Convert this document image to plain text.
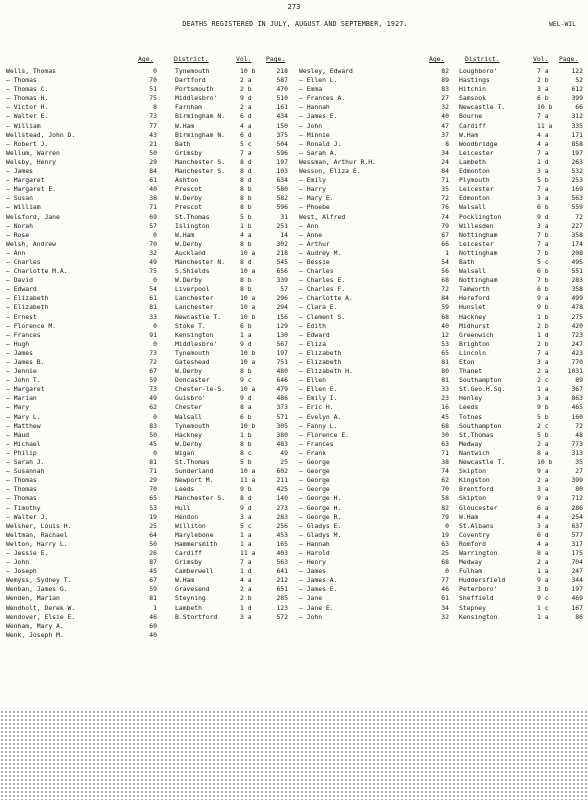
273
DEATHS REGISTERED IN JULY, AUGUST AND SEPTEMBER, 1927.	WEL-WIL
Age.	District.	Vol. Page.
Wells, Thomas	0	Tynemouth	10 b	218
— Thomas	70	Dartford	2 a	587
— Thomas C.	51	Portsmouth	2 b	470
— Thomas H.	75	Middlesbro'	9 d	510
— Victor H.	8	Farnham	2 a	161
— Walter E.	73	Birmingham N.	6 d	434
— William	77	W.Ham	4 a	150
Wellstead, John D.	43	Birmingham N.	6 d	375
— Robert J.	21	Bath	5 c	504
Wellum, Warren	50	Grimsby	7 a	596
Welsby, Henry	29	Manchester S.	8 d	197
— James	84	Manchester S.	8 d	103
— Margaret	61	Ashton	8 d	634
— Margaret E.	40	Prescot	8 b	580
— Susan	38	W.Derby	8 b	582
— William	71	Prescot	8 b	596
Welsford, Jane	69	St.Thomas	5 b	31
— Norah	57	Islington	1 b	251
— Rose	0	W.Ham	4 a	14
Welsh, Andrew	70	W.Derby	8 b	302
— Ann	32	Auckland	10 a	218
— Charles	49	Manchester N.	8 d	545
— Charlotte M.A.	75	S.Shields	10 a	656
— David	0	W.Derby	8 b	339
— Edward	54	Liverpool	8 b	57
— Elizabeth	61	Lanchester	10 a	296
— Elizabeth	81	Lanchester	10 a	294
— Ernest	33	Newcastle T.	10 b	156
— Florence M.	0	Stoke T.	6 b	129
— Frances	91	Kensington	1 a	130
— Hugh	0	Middlesbro'	9 d	567
— James	73	Tynemouth	10 b	197
— James B.	72	Gateshead	10 a	751
— Jennie	67	W.Derby	8 b	480
— John T.	59	Doncaster	9 c	646
— Margaret	73	Chester-le-S.	10 a	479
— Marian	49	Guisbro'	9 d	486
— Mary	62	Chester	8 a	373
— Mary L.	0	Walsall	6 b	571
— Matthew	83	Tynemouth	10 b	305
— Maud	50	Hackney	1 b	380
— Michael	45	W.Derby	8 b	483
— Philip	0	Wigan	8 c	49
— Sarah J.	81	St.Thomas	5 b	25
— Susannah	71	Sunderland	10 a	602
— Thomas	29	Newport M.	11 a	211
— Thomas	70	Leeds	9 b	425
— Thomas	65	Manchester S.	8 d	140
— Timothy	53	Hull	9 d	273
— Walter J.	19	Hendon	3 a	283
Welsher, Louis H.	25	Williton	5 c	256
Weltman, Rachael	64	Marylebone	1 a	453
Welton, Harry L.	50	Hammersmith	1 a	165
— Jessie E.	26	Cardiff	11 a	403
— John	87	Grimsby	7 a	563
— Joseph	45	Camberwell	1 d	641
Wemyss, Sydney T.	67	W.Ham	4 a	212
Wenban, James G.	59	Gravesend	2 a	651
Wenden, Marian	81	Steyning	2 b	285
Wendholt, Derek W.	1	Lambeth	1 d	123
Wendover, Elsie E.	46	B.Stortford	3 a	572
Wenham, Mary A.	60
Wenk, Joseph M.	40
Age.	District.	Vol. Page.
Wesley, Edward	82 Loughboro'	7 a	122
— Ellen L.	89 Hastings	2 b	52
— Emma	83 Hitchin	3 a	612
— Frances A.	27 Samsook	6 b	399
— Hannah	32 Newcastle T.	10 b	66
— James E.	40 Bourne	7 a	312
— John	47 Cardiff	11 a	335
— Minnie	37 W.Ham	4 a	171
— Ronald J.	8 Woodbridge	4 a	858
— Sarah A.	34 Leicester	7 a	197
Wessman, Arthur R.H.	24 Lambeth	1 d	263
Wesson, Eliza E.	84 Edmonton	3 a	532
— Emily	71 Plymouth	5 b	253
— Harry	35 Leicester	7 a	169
— Mary E.	72 Edmonton	3 a	563
— Phoebe	76 Walsall	6 b	559
West, Alfred	74 Pocklington	9 d	72
— Ann	79 Willesden	3 a	227
— Anne	67 Nottingham	7 b	358
— Arthur	66 Leicester	7 a	174
— Audrey M.	1 Nottingham	7 b	208
— Bessie	54 Bath	5 c	495
— Charles	56 Walsall	6 b	551
— Charles E.	68 Nottingham	7 b	283
— Charles F.	72 Tamworth	6 b	358
— Charlotte A.	84 Hereford	9 a	499
— Clara E.	59 Hunslet	9 b	478
— Clement S.	68 Hackney	1 b	275
— Edith	40 Midhurst	2 b	420
— Edward	12 Greenwich	1 d	723
— Eliza	53 Brighton	2 b	247
— Elizabeth	65 Lincoln	7 a	423
— Elizabeth	81 Eton	3 a	770
— Elizabeth H.	80 Thanet	2 a	1031
— Ellen	81 Southampton	2 c	89
— Ellen E.	33 St.Geo.H.Sq.	1 a	367
— Emily I.	23 Henley	3 a	863
— Eric H.	16 Leeds	9 b	465
— Evelyn A.	45 Totnes	5 b	160
— Fanny L.	68 Southampton	2 c	72
— Florence E.	30 St.Thomas	5 b	48
— Frances	63 Medway	2 a	773
— Frank	71 Nantwich	8 a	313
— George	38 Newcastle T.	10 b	35
— George	74 Skipton	9 a	27
— George	62 Kingston	2 a	399
— George	70 Brentford	3 a	80
— George H.	58 Skipton	9 a	712
— George H.	82 Gloucester	6 a	286
— George R.	79 W.Ham	4 a	254
— Gladys E.	0 St.Albans	3 a	637
— Gladys M.	19 Coventry	6 d	577
— Hannah	63 Romford	4 a	317
— Harold	25 Warrington	8 a	175
— Henry	68 Medway	2 a	704
— James	0 Fulham	1 a	247
— James A.	77 Huddersfield	9 a	344
— James E.	46 Peterboro'	3 b	197
— Jane	61 Sheffield	9 c	469
— Jane E.	34 Stepney	1 c	167
— John	32 Kensington	1 a	86
